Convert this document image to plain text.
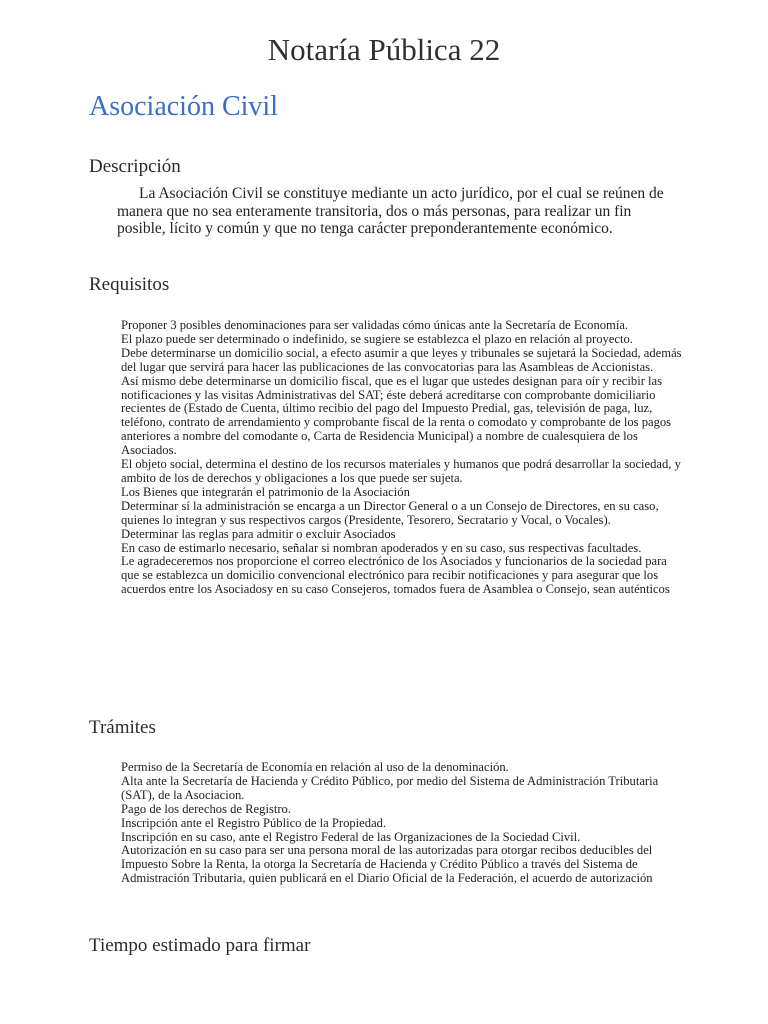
Notaría Pública 22
Asociación Civil
Descripción

La Asociación Civil se constituye mediante un acto jurídico, por el cual se reúnen de manera que no sea enteramente transitoria, dos o más personas, para realizar un fin posible, lícito y común y que no tenga carácter preponderantemente económico.

Requisitos
Proponer 3 posibles denominaciones para ser validadas cómo únicas ante la Secretaría de Economía.
El plazo puede ser determinado o indefinido, se sugiere se establezca el plazo en relación al proyecto.
Debe determinarse un domicilio social, a efecto asumir a que leyes y tribunales se sujetará la Sociedad, además del lugar que servirá para hacer las publicaciones de las convocatorias para las Asambleas de Accionistas.
Así mismo debe determinarse un domicilio fiscal, que es el lugar que ustedes designan para oír y recibir las notificaciones y las visitas Administrativas del SAT; éste deberá acreditarse con comprobante domiciliario recientes de (Estado de Cuenta, último recibio del pago del Impuesto Predial, gas, televisión de paga, luz, teléfono, contrato de arrendamiento y comprobante fiscal de la renta o comodato y comprobante de los pagos anteriores a nombre del comodante o, Carta de Residencia Municipal) a nombre de cualesquiera de los Asociados.
El objeto social, determina el destino de los recursos materiales y humanos que podrá desarrollar la sociedad, y ambito de los de derechos y obligaciones a los que puede ser sujeta.
Los Bienes que integrarán el patrimonio de la Asociación
Determinar sí la administración se encarga a un Director General o a un Consejo de Directores, en su caso, quienes lo integran y sus respectivos cargos (Presidente, Tesorero, Secratario y Vocal, o Vocales).
Determinar las reglas para admitir o excluir Asociados
En caso de estimarlo necesario, señalar si nombran apoderados y en su caso, sus respectivas facultades.
Le agradeceremos nos proporcione el correo electrónico de los Asociados y funcionarios de la sociedad para que se establezca un domicilio convencional electrónico para recibir notificaciones y para asegurar que los acuerdos entre los Asociadosy en su caso Consejeros, tomados fuera de Asamblea o Consejo, sean auténticos
Trámites
Permiso de la Secretaría de Economía en relación al uso de la denominación.
Alta ante la Secretaría de Hacienda y Crédito Público, por medio del Sistema de Administración Tributaria (SAT), de la Asociacion.
Pago de los derechos de Registro.
Inscripción ante el Registro Público de la Propiedad.
Inscripción en su caso, ante el Registro Federal de las Organizaciones de la Sociedad Civil.
Autorización en su caso para ser una persona moral de las autorizadas para otorgar recibos deducibles del Impuesto Sobre la Renta, la otorga la Secretaría de Hacienda y Crédito Público a través del Sistema de Admistración Tributaria, quien publicará en el Diario Oficial de la Federación, el acuerdo de autorización
Tiempo estimado para firmar
